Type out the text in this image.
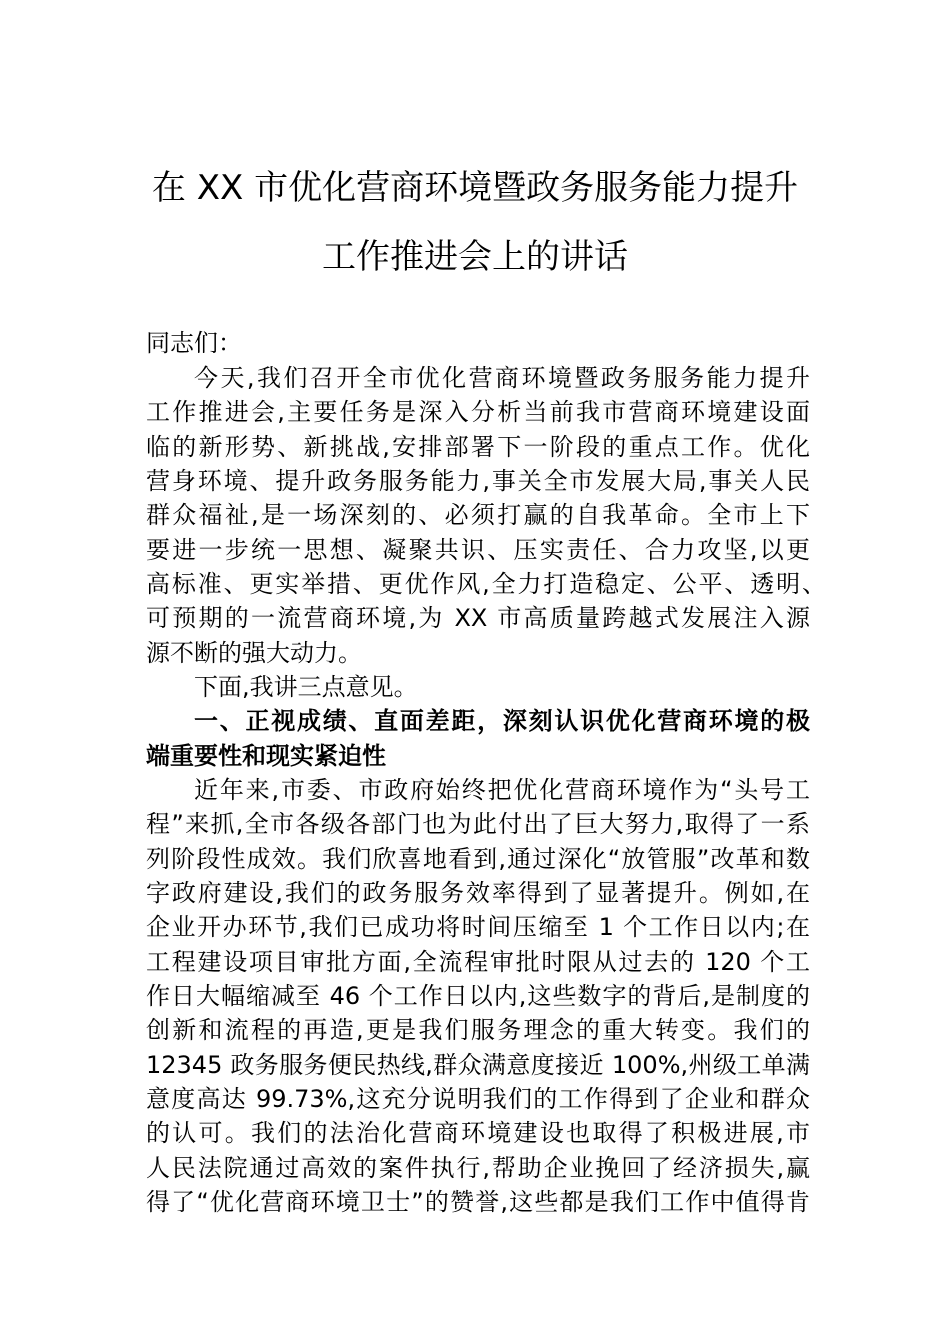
在 XX 市优化营商环境暨政务服务能力提升
工作推进会上的讲话
同志们：
今天,我们召开全市优化营商环境暨政务服务能力提升
工作推进会,主要任务是深入分析当前我市营商环境建设面
临的新形势、新挑战,安排部署下一阶段的重点工作。优化
营身环境、提升政务服务能力,事关全市发展大局,事关人民
群众福祉,是一场深刻的、必须打赢的自我革命。全市上下
要进一步统一思想、凝聚共识、压实责任、合力攻坚,以更
高标准、更实举措、更优作风,全力打造稳定、公平、透明、
可预期的一流营商环境,为 XX 市高质量跨越式发展注入源
源不断的强大动力。
下面,我讲三点意见。
一、正视成绩、直面差距，深刻认识优化营商环境的极
端重要性和现实紧迫性
近年来,市委、市政府始终把优化营商环境作为“头号工
程”来抓,全市各级各部门也为此付出了巨大努力,取得了一系
列阶段性成效。我们欣喜地看到,通过深化“放管服”改革和数
字政府建设,我们的政务服务效率得到了显著提升。例如,在
企业开办环节,我们已成功将时间压缩至 1 个工作日以内;在
工程建设项目审批方面,全流程审批时限从过去的 120 个工
作日大幅缩减至 46 个工作日以内,这些数字的背后,是制度的
创新和流程的再造,更是我们服务理念的重大转变。我们的
12345 政务服务便民热线,群众满意度接近 100%,州级工单满
意度高达 99.73%,这充分说明我们的工作得到了企业和群众
的认可。我们的法治化营商环境建设也取得了积极进展,市
人民法院通过高效的案件执行,帮助企业挽回了经济损失,赢
得了“优化营商环境卫士”的赞誉,这些都是我们工作中值得肯
